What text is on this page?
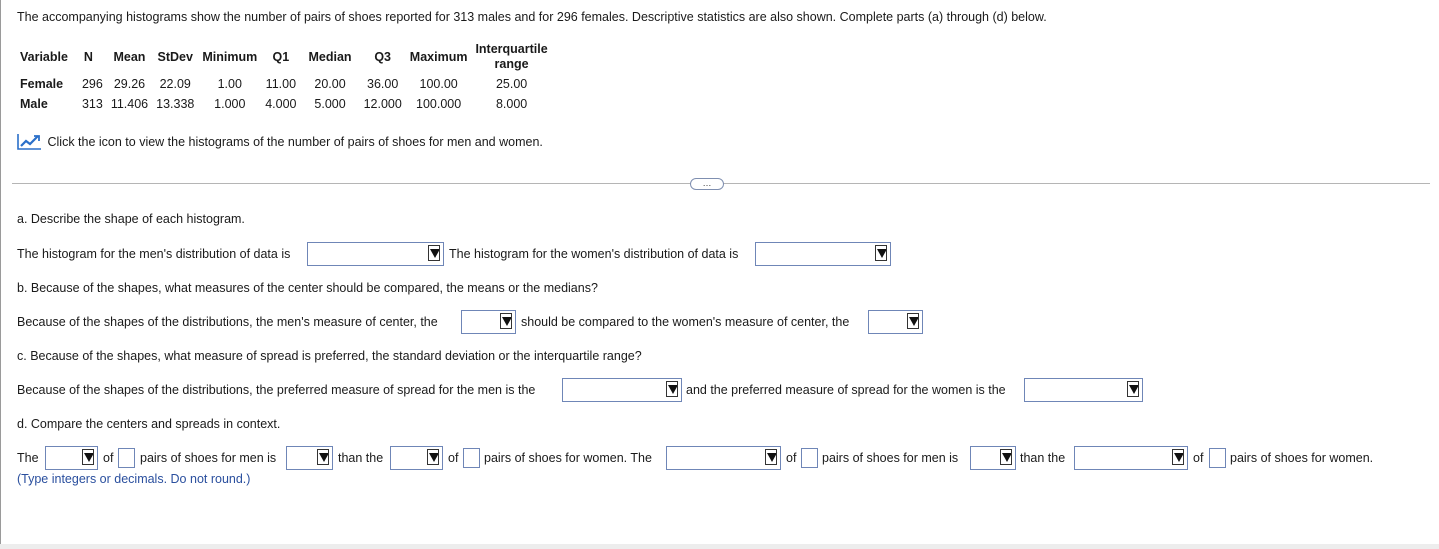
The accompanying histograms show the number of pairs of shoes reported for 313 males and for 296 females. Descriptive statistics are also shown. Complete parts (a) through (d) below.
Variable	N	Mean	StDev	Minimum	Q1	Median	Q3	Maximum	Interquartile range
Female	296	29.26	22.09	1.00	11.00	20.00	36.00	100.00	25.00
Male	313	11.406	13.338	1.000	4.000	5.000	12.000	100.000	8.000
Click the icon to view the histograms of the number of pairs of shoes for men and women.
…
a. Describe the shape of each histogram.
The histogram for the men's distribution of data is	The histogram for the women's distribution of data is
b. Because of the shapes, what measures of the center should be compared, the means or the medians?
Because of the shapes of the distributions, the men's measure of center, the	should be compared to the women's measure of center, the
c. Because of the shapes, what measure of spread is preferred, the standard deviation or the interquartile range?
Because of the shapes of the distributions, the preferred measure of spread for the men is the	and the preferred measure of spread for the women is the
d. Compare the centers and spreads in context.
The	of pairs of shoes for men is	than the	of pairs of shoes for women. The	of pairs of shoes for men is	than the	of pairs of shoes for women.
(Type integers or decimals. Do not round.)
